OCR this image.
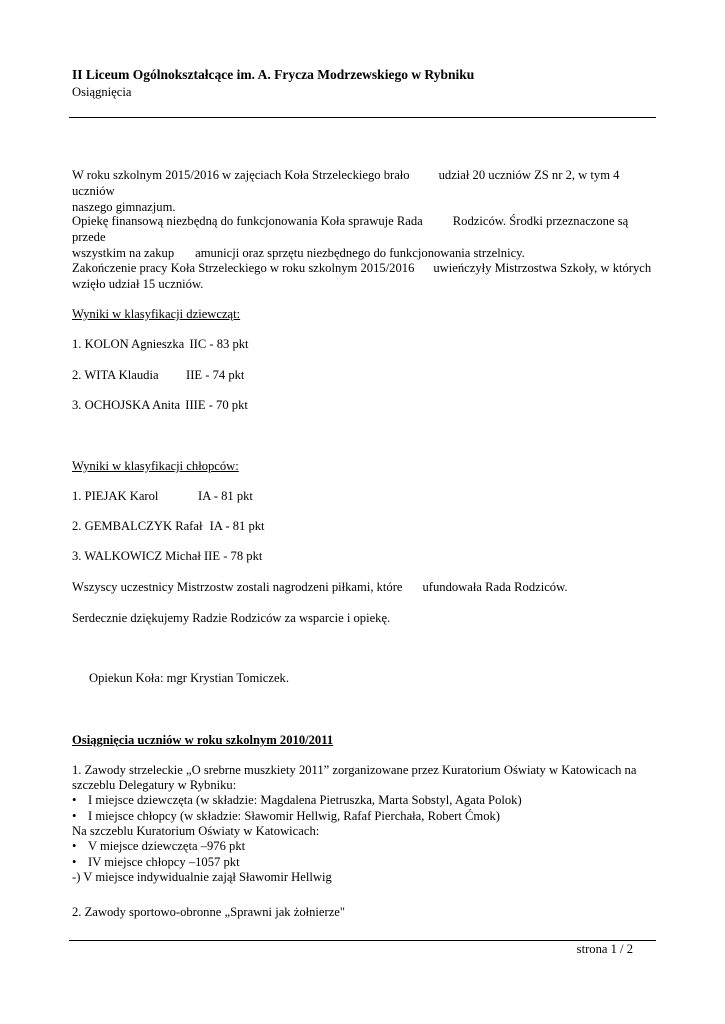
II Liceum Ogólnokształcące im. A. Frycza Modrzewskiego w Rybniku
Osiągnięcia
W roku szkolnym 2015/2016 w zajęciach Koła Strzeleckiego brało udział 20 uczniów ZS nr 2, w tym 4 uczniów
naszego gimnazjum.
Opiekę finansową niezbędną do funkcjonowania Koła sprawuje Rada Rodziców. Środki przeznaczone są przede
wszystkim na zakup amunicji oraz sprzętu niezbędnego do funkcjonowania strzelnicy.
Zakończenie pracy Koła Strzeleckiego w roku szkolnym 2015/2016 uwieńczyły Mistrzostwa Szkoły, w których
wzięło udział 15 uczniów.
Wyniki w klasyfikacji dziewcząt:
1. KOLON Agnieszka IIC - 83 pkt
2. WITA Klaudia IIE - 74 pkt
3. OCHOJSKA Anita IIIE - 70 pkt
Wyniki w klasyfikacji chłopców:
1. PIEJAK Karol	IA - 81 pkt
2. GEMBALCZYK Rafał IA - 81 pkt
3. WALKOWICZ Michał IIE - 78 pkt
Wszyscy uczestnicy Mistrzostw zostali nagrodzeni piłkami, które ufundowała Rada Rodziców.
Serdecznie dziękujemy Radzie Rodziców za wsparcie i opiekę.
Opiekun Koła: mgr Krystian Tomiczek.
Osiągnięcia uczniów w roku szkolnym 2010/2011
1. Zawody strzeleckie „O srebrne muszkiety 2011” zorganizowane przez Kuratorium Oświaty w Katowicach na
szczeblu Delegatury w Rybniku:
• I miejsce dziewczęta (w składzie: Magdalena Pietruszka, Marta Sobstyl, Agata Polok)
• I miejsce chłopcy (w składzie: Sławomir Hellwig, Rafaf Pierchała, Robert Ćmok)
Na szczeblu Kuratorium Oświaty w Katowicach:
• V miejsce dziewczęta –976 pkt
• IV miejsce chłopcy –1057 pkt
-) V miejsce indywidualnie zajął Sławomir Hellwig
2. Zawody sportowo-obronne „Sprawni jak żołnierze"
strona 1 / 2
